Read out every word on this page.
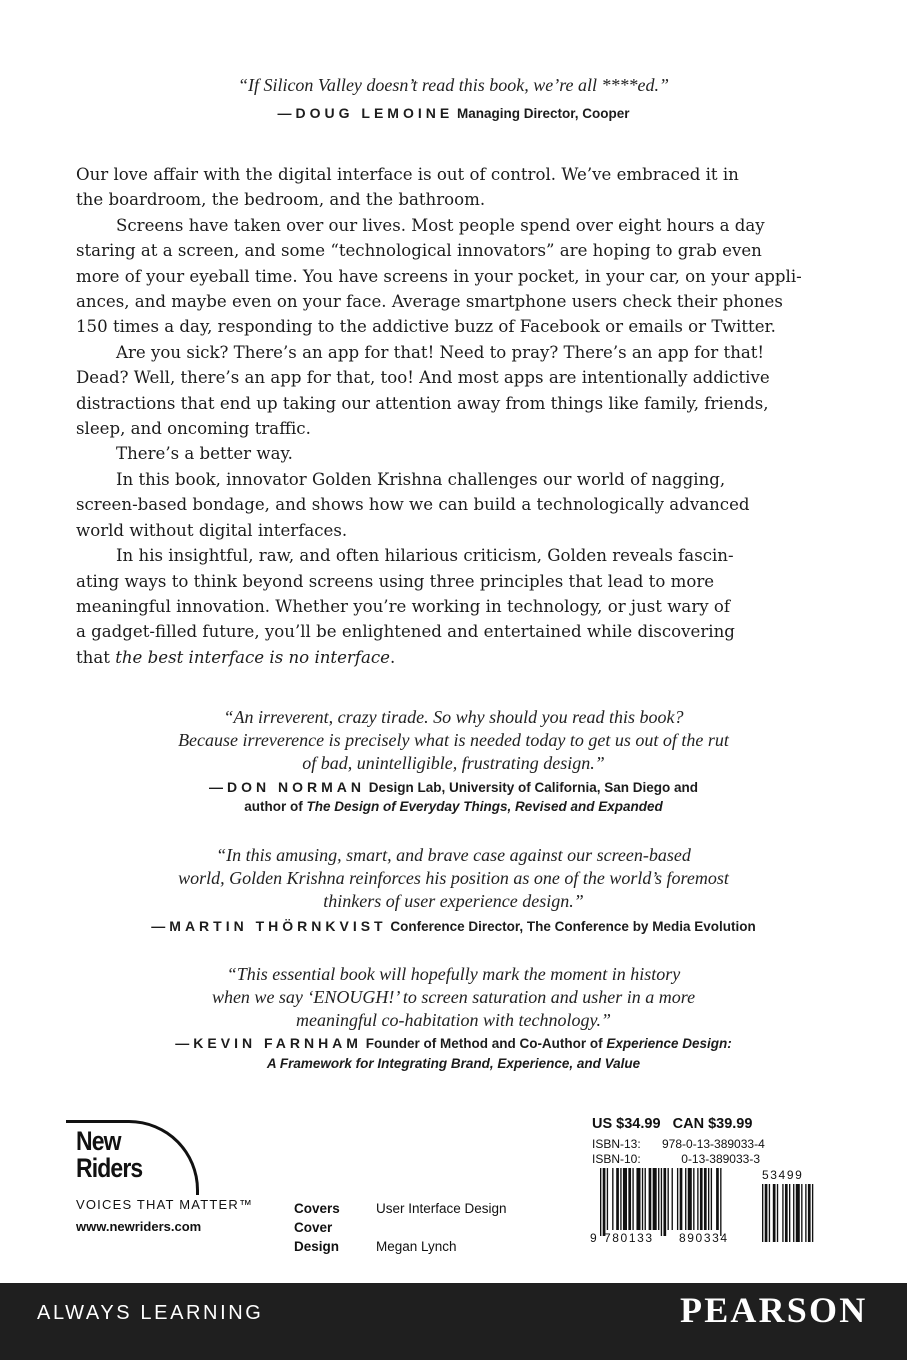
“If Silicon Valley doesn’t read this book, we’re all ****ed.”
—DOUG LEMOINE Managing Director, Cooper

Our love affair with the digital interface is out of control. We’ve embraced it in
the boardroom, the bedroom, and the bathroom.

Screens have taken over our lives. Most people spend over eight hours a day
staring at a screen, and some “technological innovators” are hoping to grab even
more of your eyeball time. You have screens in your pocket, in your car, on your appli-
ances, and maybe even on your face. Average smartphone users check their phones
150 times a day, responding to the addictive buzz of Facebook or emails or Twitter.

Are you sick? There’s an app for that! Need to pray? There’s an app for that!
Dead? Well, there’s an app for that, too! And most apps are intentionally addictive
distractions that end up taking our attention away from things like family, friends,
sleep, and oncoming traffic.

There’s a better way.

In this book, innovator Golden Krishna challenges our world of nagging,
screen-based bondage, and shows how we can build a technologically advanced
world without digital interfaces.

In his insightful, raw, and often hilarious criticism, Golden reveals fascin-
ating ways to think beyond screens using three principles that lead to more
meaningful innovation. Whether you’re working in technology, or just wary of
a gadget-filled future, you’ll be enlightened and entertained while discovering
that the best interface is no interface.

“An irreverent, crazy tirade. So why should you read this book?
Because irreverence is precisely what is needed today to get us out of the rut
of bad, unintelligible, frustrating design.”
—DON NORMAN Design Lab, University of California, San Diego and
author of The Design of Everyday Things, Revised and Expanded
“In this amusing, smart, and brave case against our screen-based
world, Golden Krishna reinforces his position as one of the world’s foremost
thinkers of user experience design.”
—MARTIN THÖRNKVIST Conference Director, The Conference by Media Evolution
“This essential book will hopefully mark the moment in history
when we say ‘ENOUGH!’ to screen saturation and usher in a more
meaningful co-habitation with technology.”
—KEVIN FARNHAM Founder of Method and Co-Author of Experience Design:
A Framework for Integrating Brand, Experience, and Value
New
Riders
VOICES THAT MATTER™
www.newriders.com
Covers	User Interface Design
Cover Design	Megan Lynch
US $34.99 CAN $39.99
ISBN-13: 978-0-13-389033-4
ISBN-10:	0-13-389033-3
9 780133 890334
53499
ALWAYS LEARNING	PEARSON
